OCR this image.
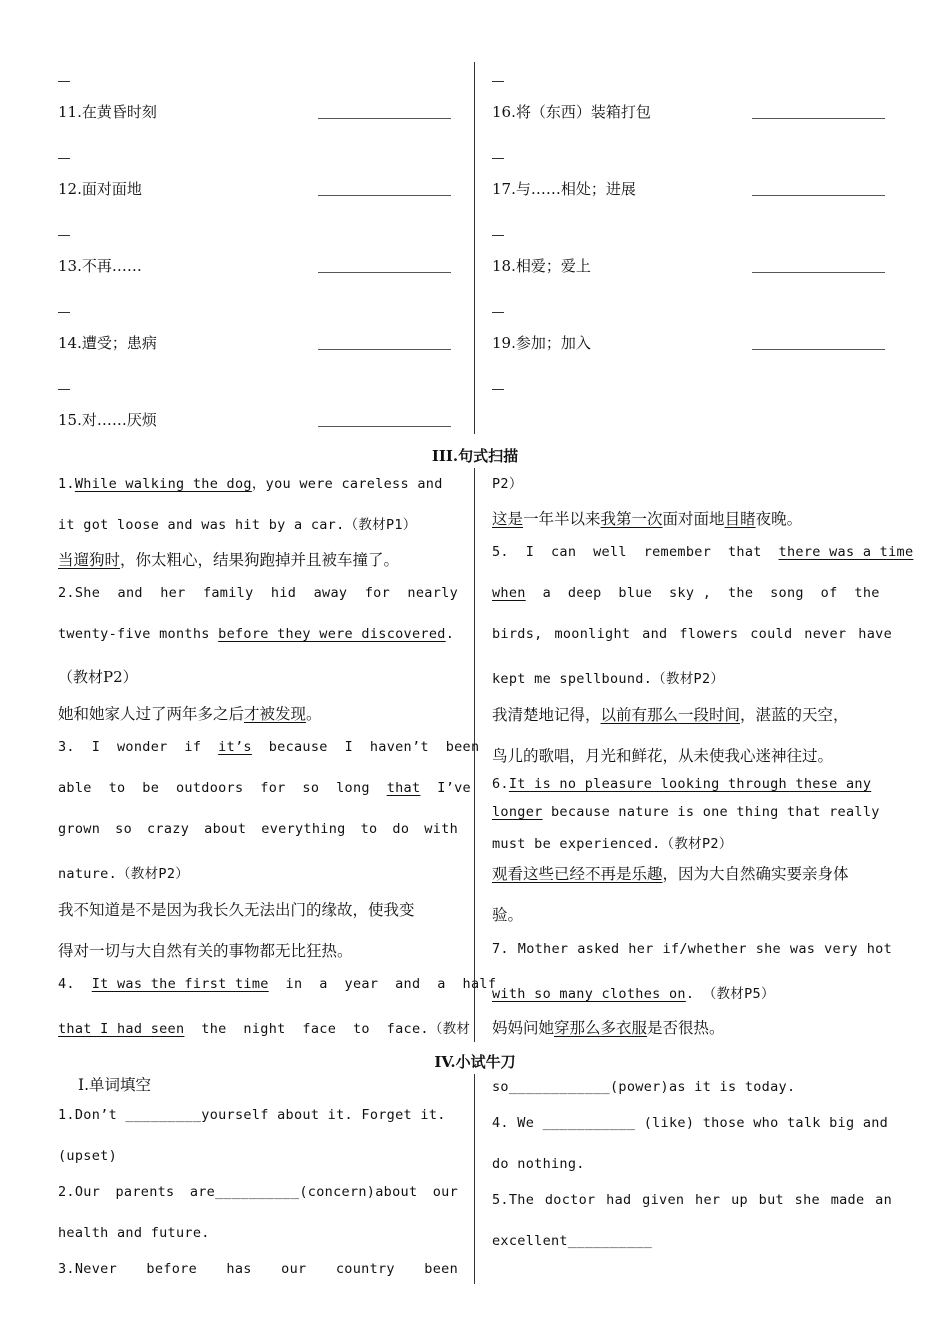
11.在黄昏时刻
12.面对面地
13.不再……
14.遭受；患病
15.对……厌烦
16.将（东西）装箱打包
17.与……相处；进展
18.相爱；爱上
19.参加；加入
III.句式扫描
1.While walking the dog，you were careless and
it got loose and was hit by a car.（教材P1）
当遛狗时，你太粗心，结果狗跑掉并且被车撞了。
2.She and her family hid away for nearly
twenty-five months before they were discovered.
（教材P2）
她和她家人过了两年多之后才被发现。
3.  I  wonder  if  it’s  because  I  haven’t  been
able  to  be  outdoors  for  so  long  that  I’ve
grown so crazy about everything to do with
nature.（教材P2）
我不知道是不是因为我长久无法出门的缘故，使我变
得对一切与大自然有关的事物都无比狂热。
4.  It was the first time  in  a  year  and  a  half
that I had seen  the  night  face  to  face.（教材
P2）
这是一年半以来我第一次面对面地目睹夜晚。
5.  I  can  well  remember  that  there was a time
when  a  deep  blue  sky ,  the  song  of  the
birds, moonlight and flowers could never have
kept me spellbound.（教材P2）
我清楚地记得，以前有那么一段时间，湛蓝的天空，
鸟儿的歌唱，月光和鲜花，从未使我心迷神往过。
6.It is no pleasure looking through these any
longer because nature is one thing that really
must be experienced.（教材P2）
观看这些已经不再是乐趣，因为大自然确实要亲身体
验。
7. Mother asked her if/whether she was very hot
with so many clothes on. （教材P5）
妈妈问她穿那么多衣服是否很热。
IV.小试牛刀
Ⅰ.单词填空
1.Don’t _________yourself about it. Forget it.
(upset)
2.Our parents are__________(concern)about our
health and future.
3.Never before has our country been
so____________(power)as it is today.
4. We ___________ (like) those who talk big and
do nothing.
5.The doctor had given her up but she made an
excellent__________
